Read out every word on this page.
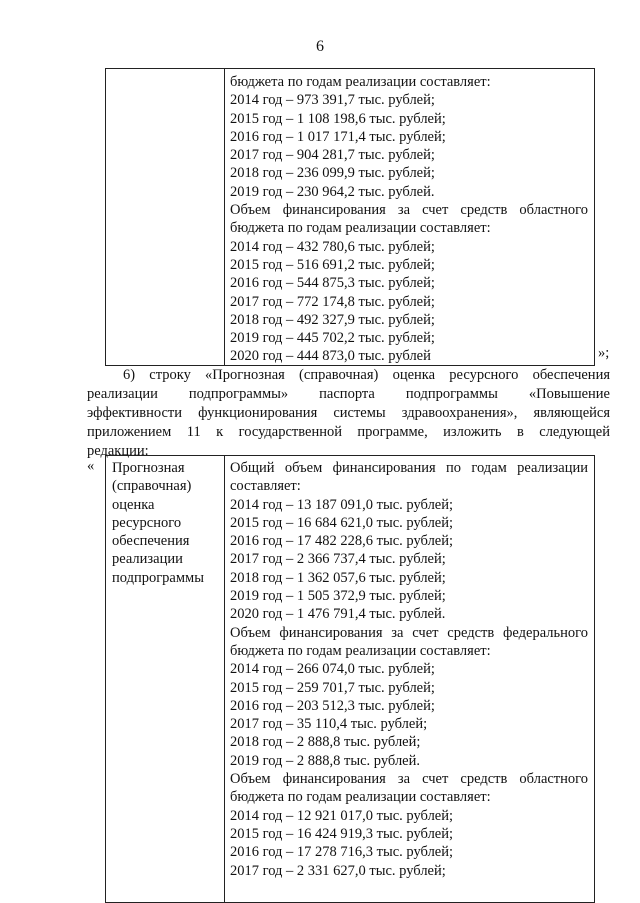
6
бюджета по годам реализации составляет:
2014 год – 973 391,7 тыс. рублей;
2015 год – 1 108 198,6 тыс. рублей;
2016 год – 1 017 171,4 тыс. рублей;
2017 год – 904 281,7 тыс. рублей;
2018 год – 236 099,9 тыс. рублей;
2019 год – 230 964,2 тыс. рублей.
Объем финансирования за счет средств областного
бюджета по годам реализации составляет:
2014 год – 432 780,6 тыс. рублей;
2015 год – 516 691,2 тыс. рублей;
2016 год – 544 875,3 тыс. рублей;
2017 год – 772 174,8 тыс. рублей;
2018 год – 492 327,9 тыс. рублей;
2019 год – 445 702,2 тыс. рублей;
2020 год – 444 873,0 тыс. рублей	»;
6) строку «Прогнозная (справочная) оценка ресурсного обеспечения
реализации подпрограммы» паспорта подпрограммы «Повышение
эффективности функционирования системы здравоохранения», являющейся
приложением 11 к государственной программе, изложить в следующей
редакции:
« Прогнозная
(справочная)
оценка
ресурсного
обеспечения
реализации
подпрограммы
Общий объем финансирования по годам реализации
составляет:
2014 год – 13 187 091,0 тыс. рублей;
2015 год – 16 684 621,0 тыс. рублей;
2016 год – 17 482 228,6 тыс. рублей;
2017 год – 2 366 737,4 тыс. рублей;
2018 год – 1 362 057,6 тыс. рублей;
2019 год – 1 505 372,9 тыс. рублей;
2020 год – 1 476 791,4 тыс. рублей.
Объем финансирования за счет средств федерального
бюджета по годам реализации составляет:
2014 год – 266 074,0 тыс. рублей;
2015 год – 259 701,7 тыс. рублей;
2016 год – 203 512,3 тыс. рублей;
2017 год – 35 110,4 тыс. рублей;
2018 год – 2 888,8 тыс. рублей;
2019 год – 2 888,8 тыс. рублей.
Объем финансирования за счет средств областного
бюджета по годам реализации составляет:
2014 год – 12 921 017,0 тыс. рублей;
2015 год – 16 424 919,3 тыс. рублей;
2016 год – 17 278 716,3 тыс. рублей;
2017 год – 2 331 627,0 тыс. рублей;
